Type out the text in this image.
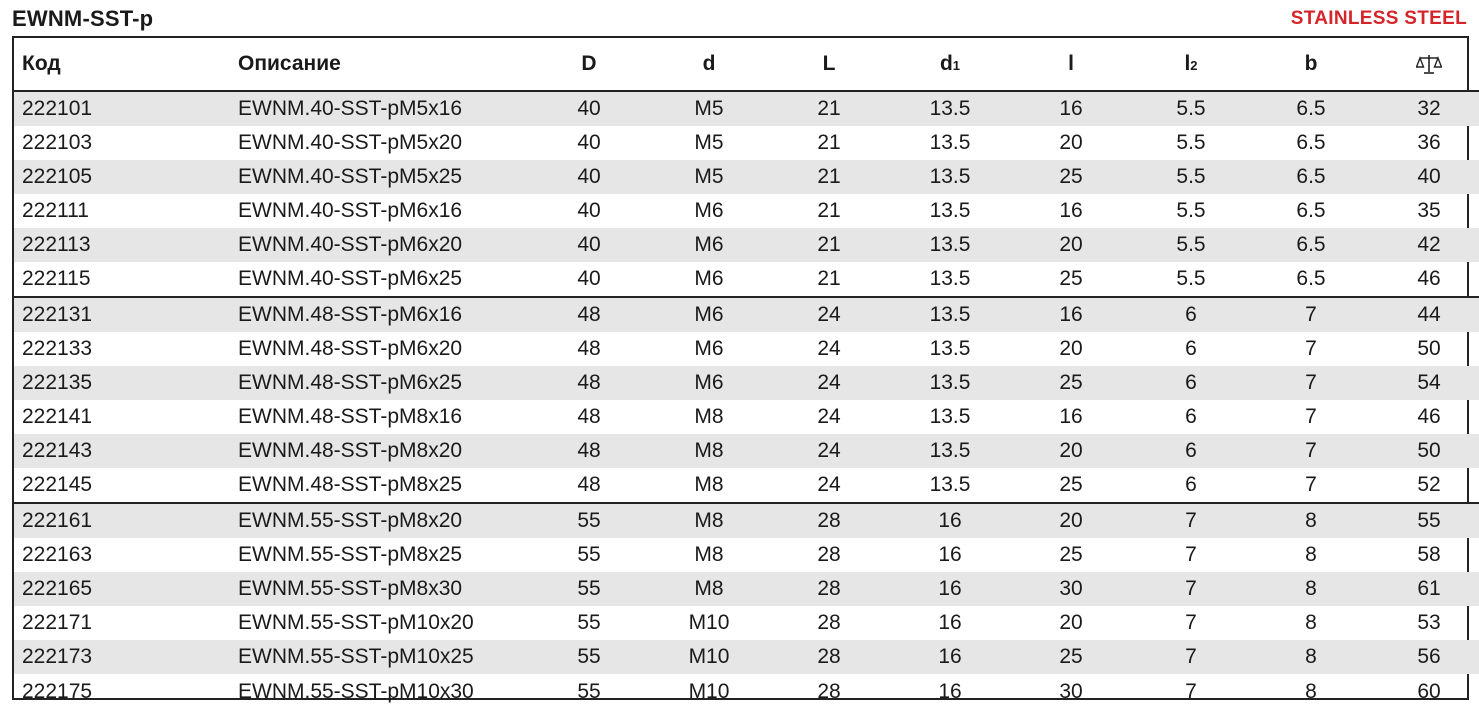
EWNM-SST-p	STAINLESS STEEL
Код	Описание	D	d	L	d1	l	l2	b	
222101	EWNM.40-SST-pM5x16	40	M5	21	13.5	16	5.5	6.5	32
222103	EWNM.40-SST-pM5x20	40	M5	21	13.5	20	5.5	6.5	36
222105	EWNM.40-SST-pM5x25	40	M5	21	13.5	25	5.5	6.5	40
222111	EWNM.40-SST-pM6x16	40	M6	21	13.5	16	5.5	6.5	35
222113	EWNM.40-SST-pM6x20	40	M6	21	13.5	20	5.5	6.5	42
222115	EWNM.40-SST-pM6x25	40	M6	21	13.5	25	5.5	6.5	46
222131	EWNM.48-SST-pM6x16	48	M6	24	13.5	16	6	7	44
222133	EWNM.48-SST-pM6x20	48	M6	24	13.5	20	6	7	50
222135	EWNM.48-SST-pM6x25	48	M6	24	13.5	25	6	7	54
222141	EWNM.48-SST-pM8x16	48	M8	24	13.5	16	6	7	46
222143	EWNM.48-SST-pM8x20	48	M8	24	13.5	20	6	7	50
222145	EWNM.48-SST-pM8x25	48	M8	24	13.5	25	6	7	52
222161	EWNM.55-SST-pM8x20	55	M8	28	16	20	7	8	55
222163	EWNM.55-SST-pM8x25	55	M8	28	16	25	7	8	58
222165	EWNM.55-SST-pM8x30	55	M8	28	16	30	7	8	61
222171	EWNM.55-SST-pM10x20	55	M10	28	16	20	7	8	53
222173	EWNM.55-SST-pM10x25	55	M10	28	16	25	7	8	56
222175	EWNM.55-SST-pM10x30	55	M10	28	16	30	7	8	60
